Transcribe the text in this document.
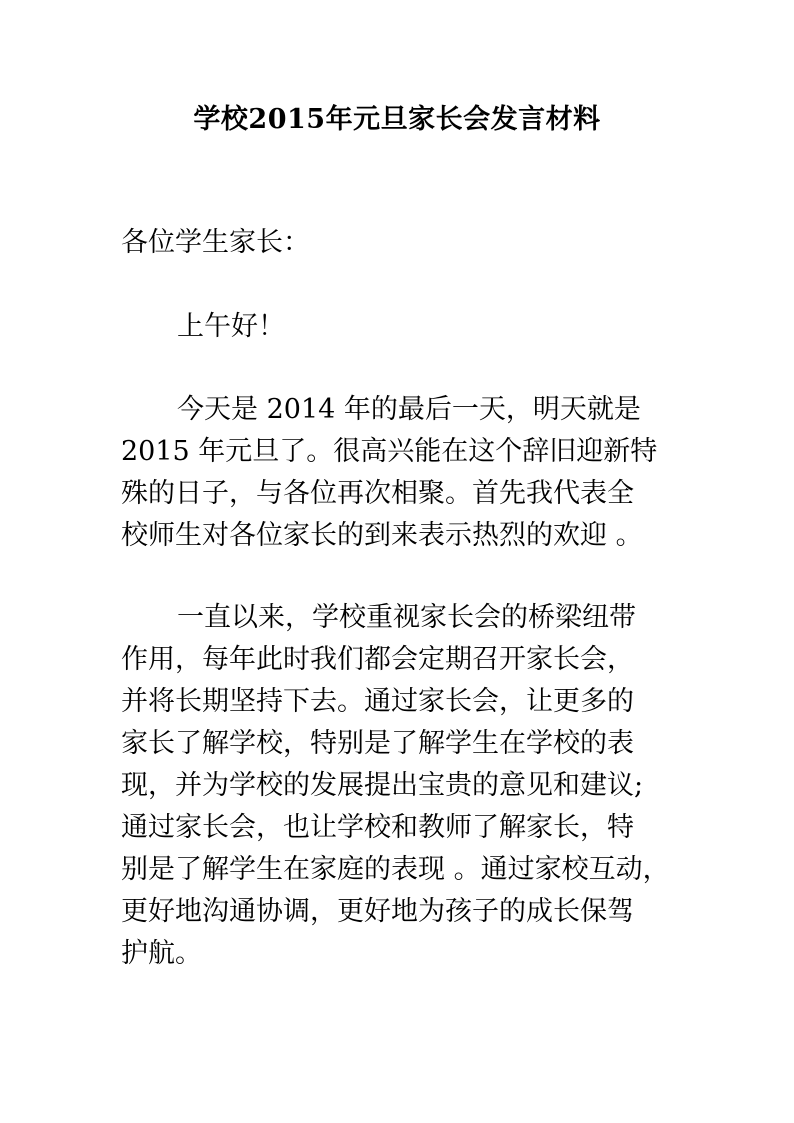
学校2015年元旦家长会发言材料
各位学生家长：
上午好！
今天是 2014 年的最后一天，明天就是
2015 年元旦了。很高兴能在这个辞旧迎新特
殊的日子，与各位再次相聚。首先我代表全
校师生对各位家长的到来表示热烈的欢迎 。
一直以来，学校重视家长会的桥梁纽带
作用，每年此时我们都会定期召开家长会，
并将长期坚持下去。通过家长会，让更多的
家长了解学校，特别是了解学生在学校的表
现，并为学校的发展提出宝贵的意见和建议;
通过家长会，也让学校和教师了解家长，特
别是了解学生在家庭的表现 。通过家校互动，
更好地沟通协调，更好地为孩子的成长保驾
护航。
